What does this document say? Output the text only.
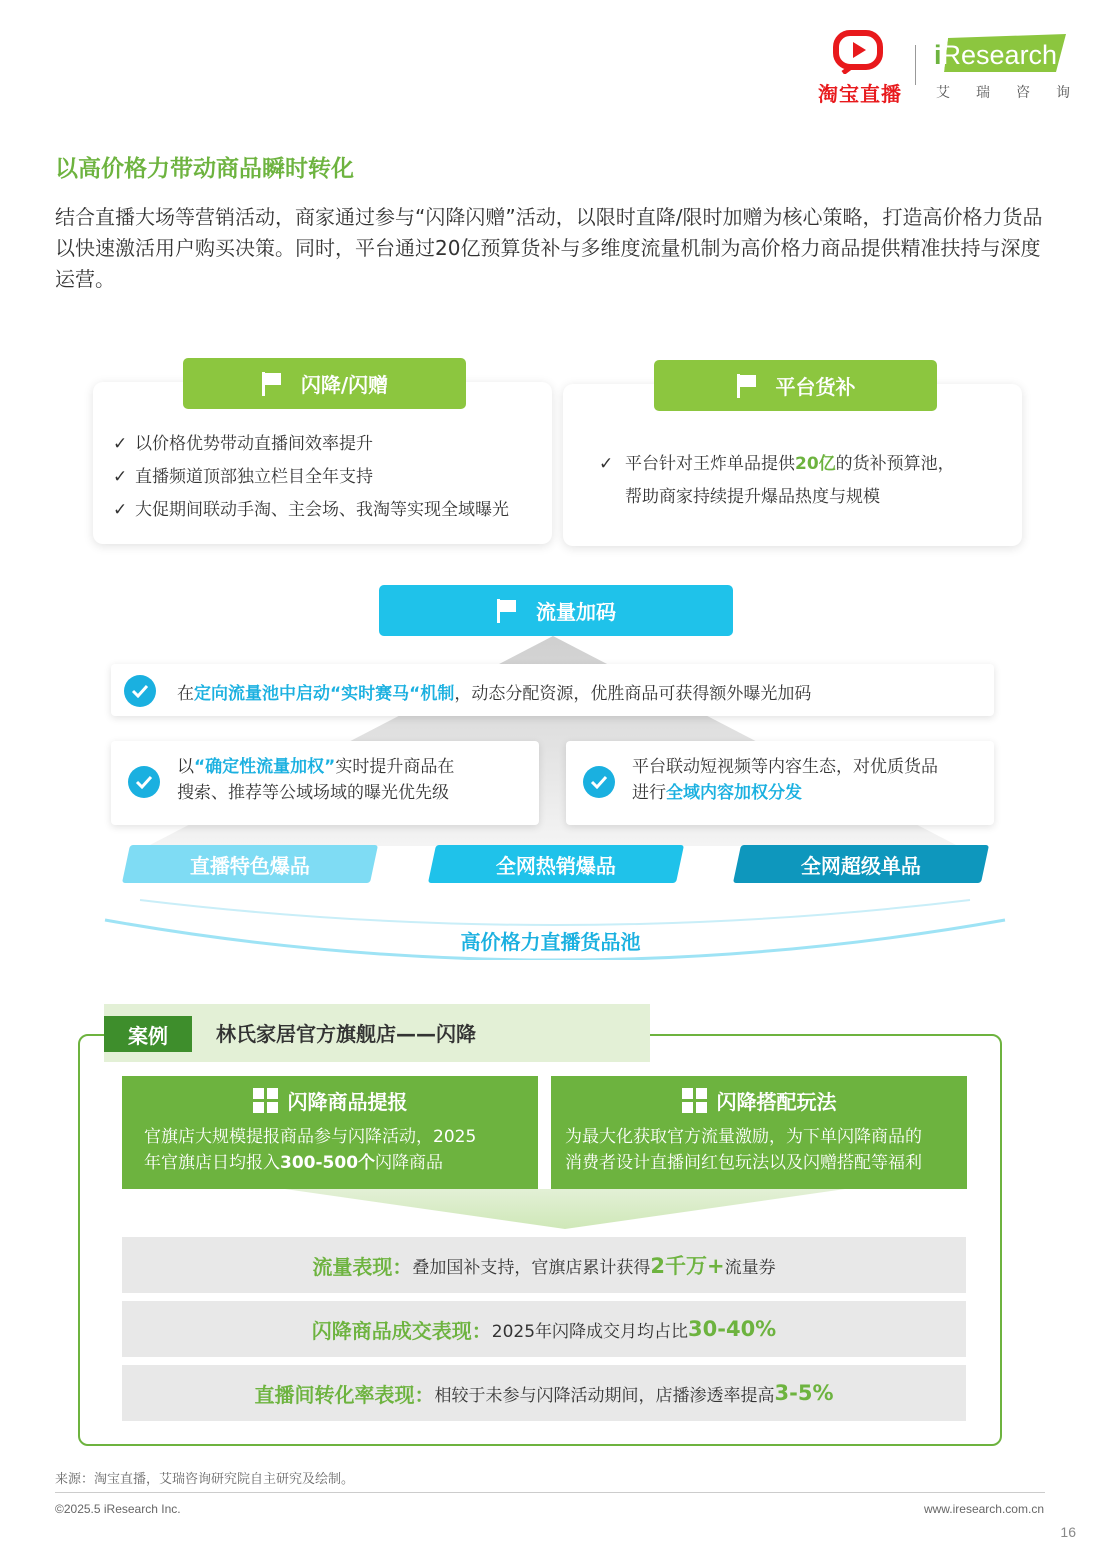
淘宝直播
iResearch
艾 瑞 咨 询
以高价格力带动商品瞬时转化
结合直播大场等营销活动，商家通过参与“闪降闪赠”活动，以限时直降/限时加赠为核心策略，打造高价格力货品以快速激活用户购买决策。同时，平台通过20亿预算货补与多维度流量机制为高价格力商品提供精准扶持与深度运营。
✓ 以价格优势带动直播间效率提升
✓ 直播频道顶部独立栏目全年支持
✓ 大促期间联动手淘、主会场、我淘等实现全域曝光
闪降/闪赠
✓ 平台针对王炸单品提供20亿的货补预算池，
帮助商家持续提升爆品热度与规模
平台货补
流量加码
在定向流量池中启动“实时赛马“机制，动态分配资源，优胜商品可获得额外曝光加码
以“确定性流量加权”实时提升商品在
搜索、推荐等公域场域的曝光优先级
平台联动短视频等内容生态，对优质货品
进行全域内容加权分发
直播特色爆品	全网热销爆品	全网超级单品
高价格力直播货品池
案例	林氏家居官方旗舰店——闪降
闪降商品提报
官旗店大规模提报商品参与闪降活动，2025
年官旗店日均报入300-500个闪降商品
闪降搭配玩法
为最大化获取官方流量激励，为下单闪降商品的
消费者设计直播间红包玩法以及闪赠搭配等福利
流量表现： 叠加国补支持，官旗店累计获得 2千万+ 流量券
闪降商品成交表现： 2025年闪降成交月均占比 30-40%
直播间转化率表现： 相较于未参与闪降活动期间，店播渗透率提高 3-5%
来源：淘宝直播，艾瑞咨询研究院自主研究及绘制。
©2025.5 iResearch Inc.	www.iresearch.com.cn
16
